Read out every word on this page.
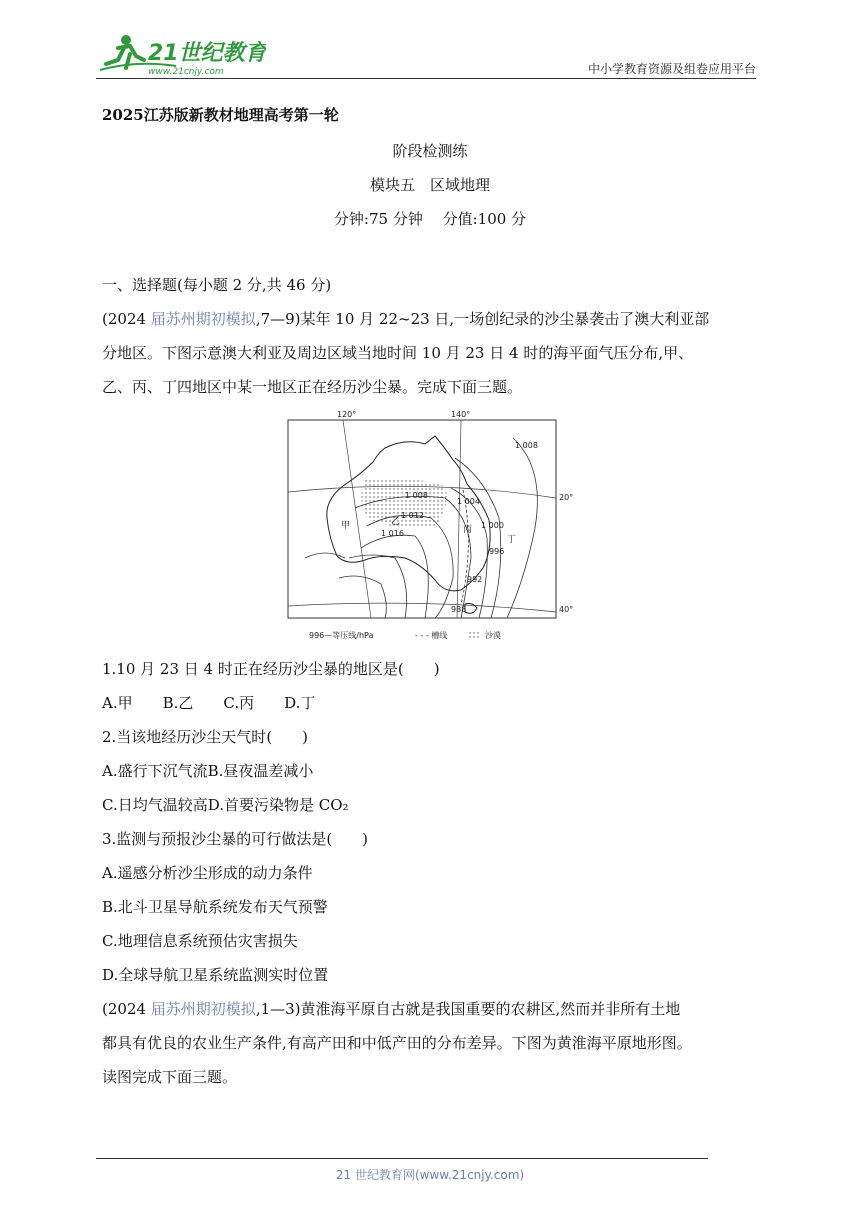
21世纪教育
www.21cnjy.com	中小学教育资源及组卷应用平台
2025江苏版新教材地理高考第一轮
阶段检测练
模块五　区域地理
分钟:75 分钟　 分值:100 分
一、选择题(每小题 2 分,共 46 分)
(2024 届苏州期初模拟,7—9)某年 10 月 22~23 日,一场创纪录的沙尘暴袭击了澳大利亚部
分地区。下图示意澳大利亚及周边区域当地时间 10 月 23 日 4 时的海平面气压分布,甲、
乙、丙、丁四地区中某一地区正在经历沙尘暴。完成下面三题。
120°	140°
20°
40°
1 008
1 008
1 004
1 012
1 000
1 016
996
992
988
甲	乙
丙
丁
996—等压线/hPa	- - - 槽线	沙漠
1.10 月 23 日 4 时正在经历沙尘暴的地区是(　　)
A.甲　　B.乙　　C.丙　　D.丁
2.当该地经历沙尘天气时(　　)
A.盛行下沉气流B.昼夜温差减小
C.日均气温较高D.首要污染物是 CO₂
3.监测与预报沙尘暴的可行做法是(　　)
A.遥感分析沙尘形成的动力条件
B.北斗卫星导航系统发布天气预警
C.地理信息系统预估灾害损失
D.全球导航卫星系统监测实时位置
(2024 届苏州期初模拟,1—3)黄淮海平原自古就是我国重要的农耕区,然而并非所有土地
都具有优良的农业生产条件,有高产田和中低产田的分布差异。下图为黄淮海平原地形图。
读图完成下面三题。
21 世纪教育网(www.21cnjy.com)
